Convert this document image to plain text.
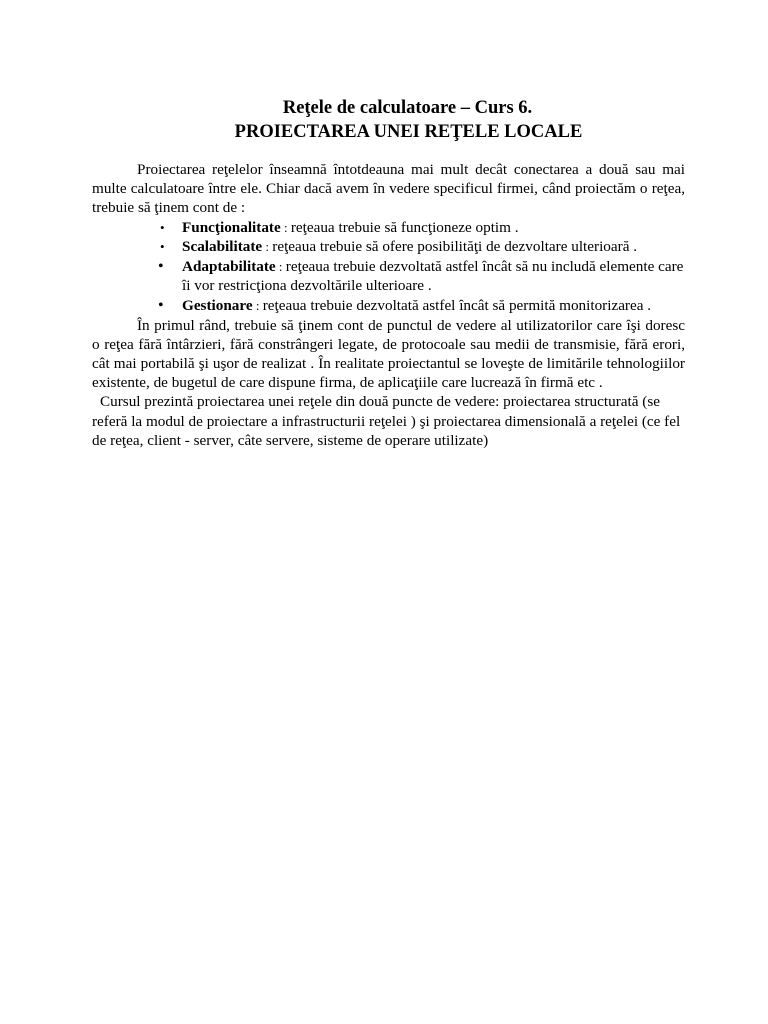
Reţele de calculatoare – Curs 6.
PROIECTAREA UNEI REŢELE LOCALE

Proiectarea reţelelor înseamnă întotdeauna mai mult decât conectarea a două sau mai multe calculatoare între ele. Chiar dacă avem în vedere specificul firmei, când proiectăm o reţea, trebuie să ţinem cont de :

• Funcţionalitate : reţeaua trebuie să funcţioneze optim .
• Scalabilitate : reţeaua trebuie să ofere posibilităţi de dezvoltare ulterioară .
• Adaptabilitate : reţeaua trebuie dezvoltată astfel încât să nu includă elemente care îi vor restricţiona dezvoltările ulterioare .
• Gestionare : reţeaua trebuie dezvoltată astfel încât să permită monitorizarea .

În primul rând, trebuie să ţinem cont de punctul de vedere al utilizatorilor care îşi doresc o reţea fără întârzieri, fără constrângeri legate, de protocoale sau medii de transmisie, fără erori, cât mai portabilă şi uşor de realizat . În realitate proiectantul se loveşte de limitările tehnologiilor existente, de bugetul de care dispune firma, de aplicaţiile care lucrează în firmă etc .

Cursul prezintă proiectarea unei reţele din două puncte de vedere: proiectarea structurată (se referă la modul de proiectare a infrastructurii reţelei ) şi proiectarea dimensională a reţelei (ce fel de reţea, client - server, câte servere, sisteme de operare utilizate)
